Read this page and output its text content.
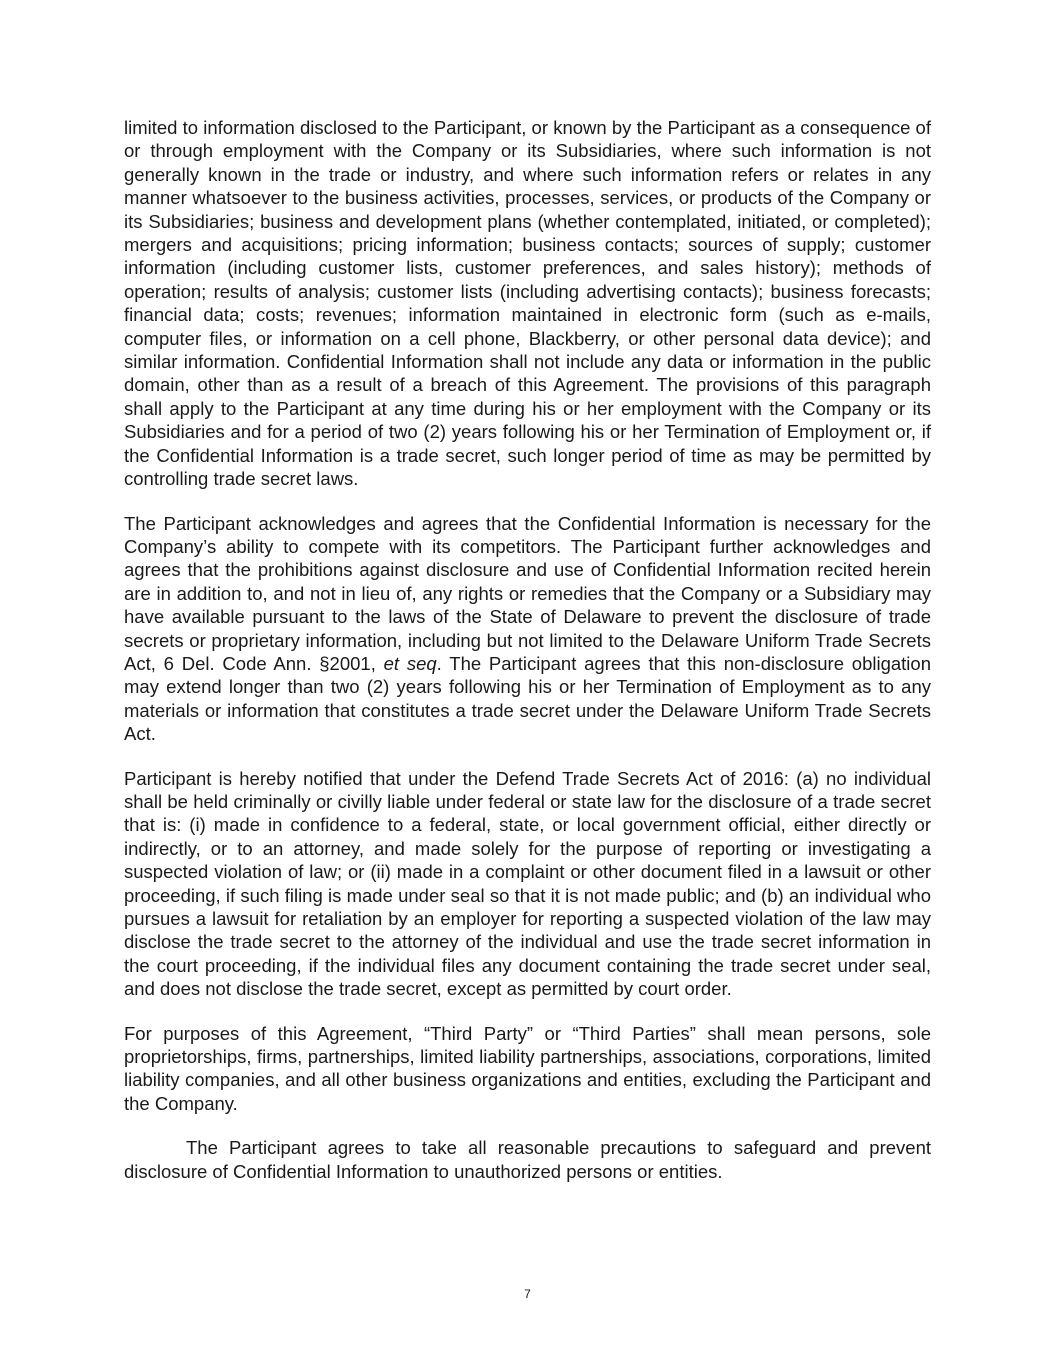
limited to information disclosed to the Participant, or known by the Participant as a consequence of or through employment with the Company or its Subsidiaries, where such information is not generally known in the trade or industry, and where such information refers or relates in any manner whatsoever to the business activities, processes, services, or products of the Company or its Subsidiaries; business and development plans (whether contemplated, initiated, or completed); mergers and acquisitions; pricing information; business contacts; sources of supply; customer information (including customer lists, customer preferences, and sales history); methods of operation; results of analysis; customer lists (including advertising contacts); business forecasts; financial data; costs; revenues; information maintained in electronic form (such as e-mails, computer files, or information on a cell phone, Blackberry, or other personal data device); and similar information. Confidential Information shall not include any data or information in the public domain, other than as a result of a breach of this Agreement. The provisions of this paragraph shall apply to the Participant at any time during his or her employment with the Company or its Subsidiaries and for a period of two (2) years following his or her Termination of Employment or, if the Confidential Information is a trade secret, such longer period of time as may be permitted by controlling trade secret laws.

The Participant acknowledges and agrees that the Confidential Information is necessary for the Company’s ability to compete with its competitors. The Participant further acknowledges and agrees that the prohibitions against disclosure and use of Confidential Information recited herein are in addition to, and not in lieu of, any rights or remedies that the Company or a Subsidiary may have available pursuant to the laws of the State of Delaware to prevent the disclosure of trade secrets or proprietary information, including but not limited to the Delaware Uniform Trade Secrets Act, 6 Del. Code Ann. §2001, et seq. The Participant agrees that this non-disclosure obligation may extend longer than two (2) years following his or her Termination of Employment as to any materials or information that constitutes a trade secret under the Delaware Uniform Trade Secrets Act.

Participant is hereby notified that under the Defend Trade Secrets Act of 2016: (a) no individual shall be held criminally or civilly liable under federal or state law for the disclosure of a trade secret that is: (i) made in confidence to a federal, state, or local government official, either directly or indirectly, or to an attorney, and made solely for the purpose of reporting or investigating a suspected violation of law; or (ii) made in a complaint or other document filed in a lawsuit or other proceeding, if such filing is made under seal so that it is not made public; and (b) an individual who pursues a lawsuit for retaliation by an employer for reporting a suspected violation of the law may disclose the trade secret to the attorney of the individual and use the trade secret information in the court proceeding, if the individual files any document containing the trade secret under seal, and does not disclose the trade secret, except as permitted by court order.

For purposes of this Agreement, “Third Party” or “Third Parties” shall mean persons, sole proprietorships, firms, partnerships, limited liability partnerships, associations, corporations, limited liability companies, and all other business organizations and entities, excluding the Participant and the Company.

The Participant agrees to take all reasonable precautions to safeguard and prevent disclosure of Confidential Information to unauthorized persons or entities.

7
